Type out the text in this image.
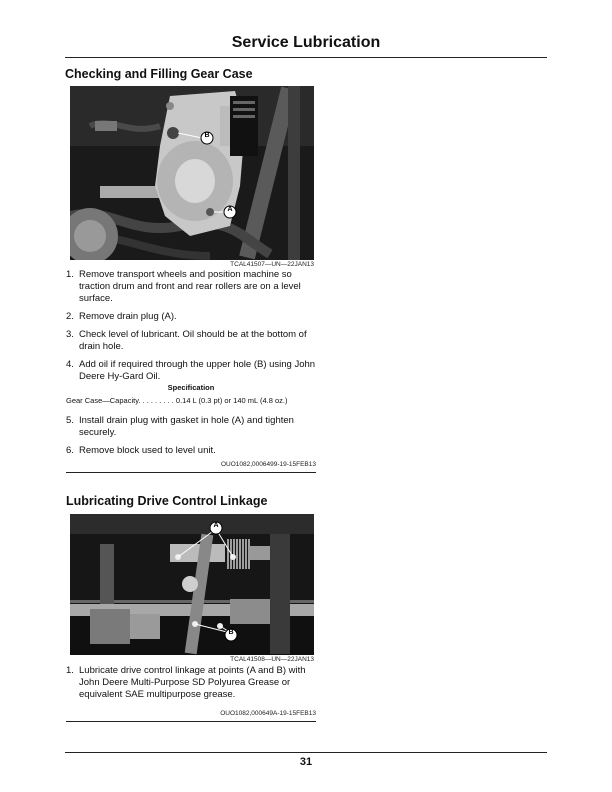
Service Lubrication
Checking and Filling Gear Case
B
A
TCAL41507—UN—22JAN13
1. Remove transport wheels and position machine so traction drum and front and rear rollers are on a level surface.
2. Remove drain plug (A).
3. Check level of lubricant. Oil should be at the bottom of drain hole.
4. Add oil if required through the upper hole (B) using John Deere Hy-Gard Oil.
Specification
Gear Case—Capacity. . . . . . . . . 0.14 L (0.3 pt) or 140 mL (4.8 oz.)
5. Install drain plug with gasket in hole (A) and tighten securely.
6. Remove block used to level unit.
OUO1082,0006499-19-15FEB13
Lubricating Drive Control Linkage
A
B
TCAL41508—UN—22JAN13
1. Lubricate drive control linkage at points (A and B) with John Deere Multi-Purpose SD Polyurea Grease or equivalent SAE multipurpose grease.
OUO1082,000649A-19-15FEB13
31
